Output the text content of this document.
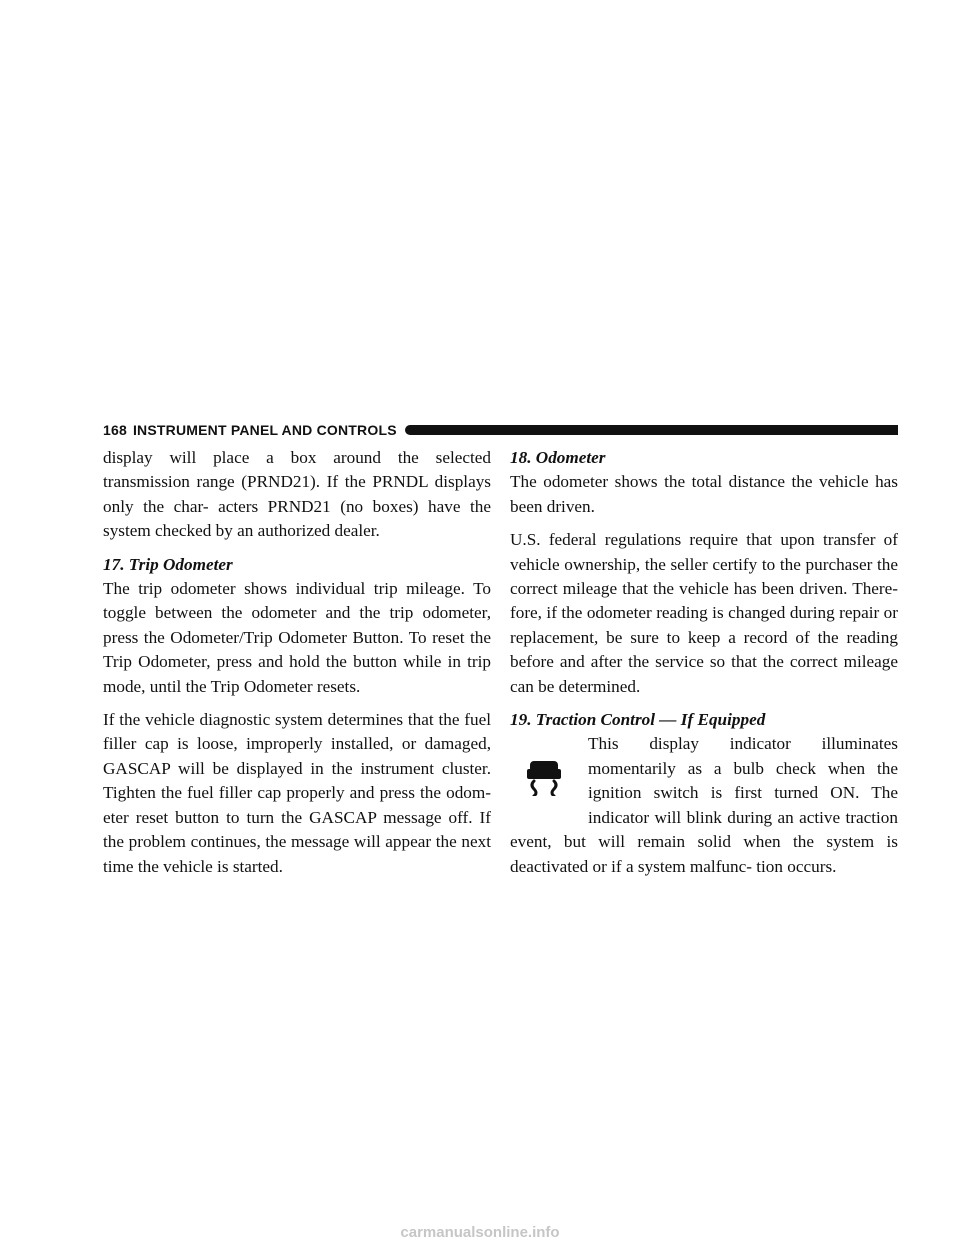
168 INSTRUMENT PANEL AND CONTROLS

display will place a box around the selected transmission range (PRND21). If the PRNDL displays only the char- acters PRND21 (no boxes) have the system checked by an authorized dealer.

17. Trip Odometer
The trip odometer shows individual trip mileage. To toggle between the odometer and the trip odometer, press the Odometer/Trip Odometer Button. To reset the Trip Odometer, press and hold the button while in trip mode, until the Trip Odometer resets.

If the vehicle diagnostic system determines that the fuel filler cap is loose, improperly installed, or damaged, GASCAP will be displayed in the instrument cluster. Tighten the fuel filler cap properly and press the odom- eter reset button to turn the GASCAP message off. If the problem continues, the message will appear the next time the vehicle is started.

18. Odometer
The odometer shows the total distance the vehicle has been driven.

U.S. federal regulations require that upon transfer of vehicle ownership, the seller certify to the purchaser the correct mileage that the vehicle has been driven. There- fore, if the odometer reading is changed during repair or replacement, be sure to keep a record of the reading before and after the service so that the correct mileage can be determined.

19. Traction Control — If Equipped
This display indicator illuminates momentarily as a bulb check when the ignition switch is first turned ON. The indicator will blink during an active traction event, but will remain solid when the system is deactivated or if a system malfunc- tion occurs.
carmanualsonline.info
